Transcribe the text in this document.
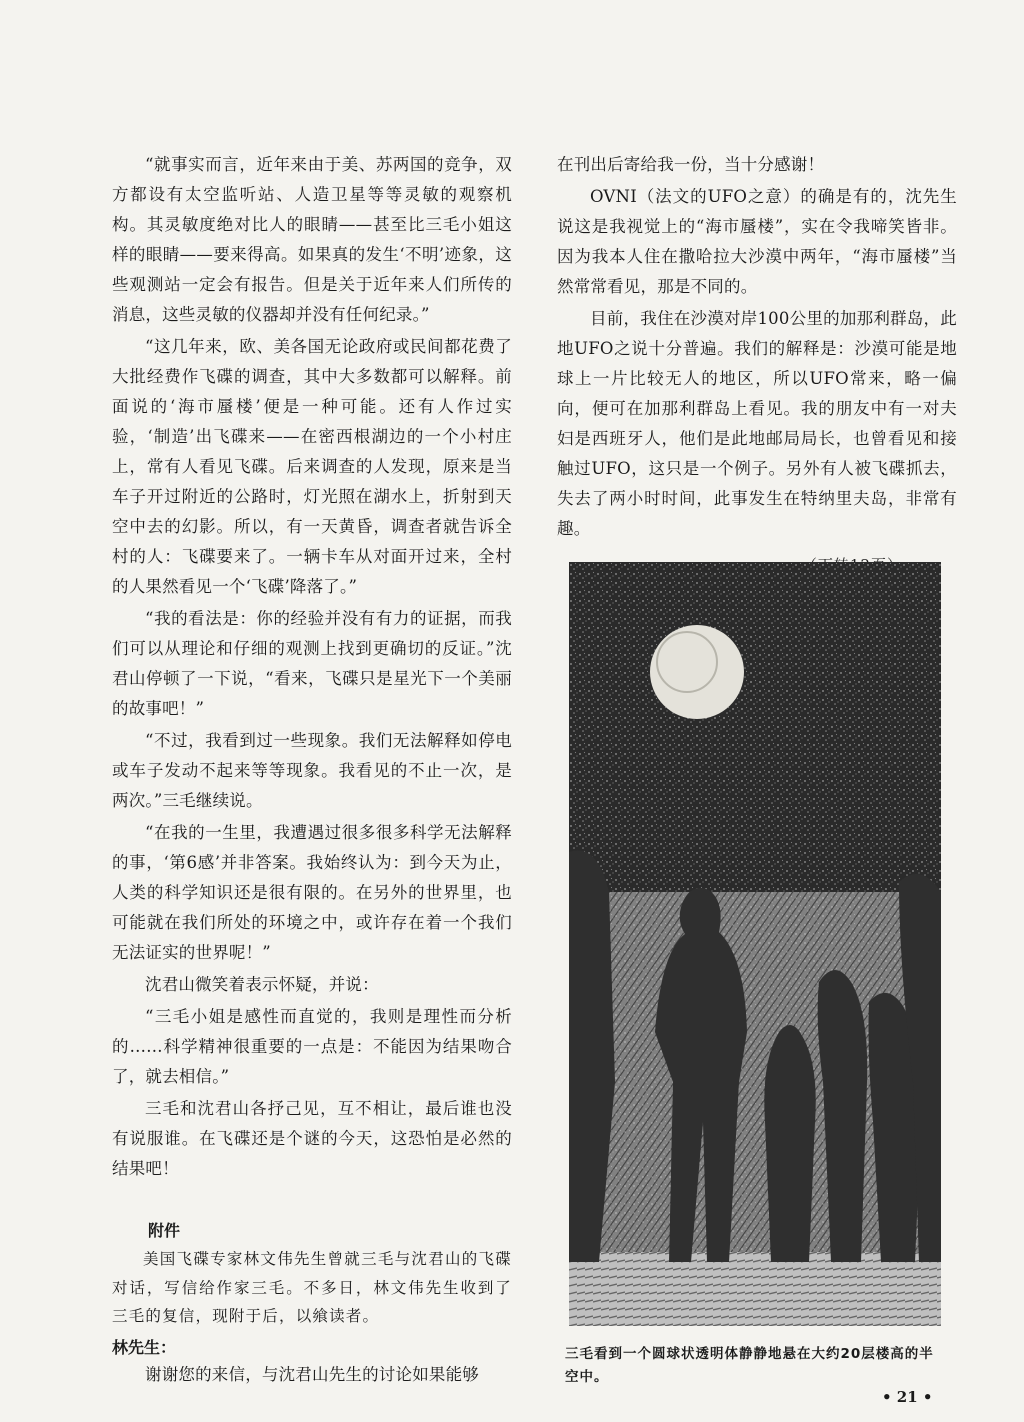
“就事实而言，近年来由于美、苏两国的竞争，双方都设有太空监听站、人造卫星等等灵敏的观察机构。其灵敏度绝对比人的眼睛——甚至比三毛小姐这样的眼睛——要来得高。如果真的发生‘不明’迹象，这些观测站一定会有报告。但是关于近年来人们所传的消息，这些灵敏的仪器却并没有任何纪录。”

“这几年来，欧、美各国无论政府或民间都花费了大批经费作飞碟的调查，其中大多数都可以解释。前面说的‘海市蜃楼’便是一种可能。还有人作过实验，‘制造’出飞碟来——在密西根湖边的一个小村庄上，常有人看见飞碟。后来调查的人发现，原来是当车子开过附近的公路时，灯光照在湖水上，折射到天空中去的幻影。所以，有一天黄昏，调查者就告诉全村的人：飞碟要来了。一辆卡车从对面开过来，全村的人果然看见一个‘飞碟’降落了。”

“我的看法是：你的经验并没有有力的证据，而我们可以从理论和仔细的观测上找到更确切的反证。”沈君山停顿了一下说，“看来，飞碟只是星光下一个美丽的故事吧！”

“不过，我看到过一些现象。我们无法解释如停电或车子发动不起来等等现象。我看见的不止一次，是两次。”三毛继续说。

“在我的一生里，我遭遇过很多很多科学无法解释的事，‘第6感’并非答案。我始终认为：到今天为止，人类的科学知识还是很有限的。在另外的世界里，也可能就在我们所处的环境之中，或许存在着一个我们无法证实的世界呢！”

沈君山微笑着表示怀疑，并说：

“三毛小姐是感性而直觉的，我则是理性而分析的……科学精神很重要的一点是：不能因为结果吻合了，就去相信。”

三毛和沈君山各抒己见，互不相让，最后谁也没有说服谁。在飞碟还是个谜的今天，这恐怕是必然的结果吧！

附件

美国飞碟专家林文伟先生曾就三毛与沈君山的飞碟对话，写信给作家三毛。不多日，林文伟先生收到了三毛的复信，现附于后，以飨读者。

林先生：

谢谢您的来信，与沈君山先生的讨论如果能够

在刊出后寄给我一份，当十分感谢！

OVNI（法文的UFO之意）的确是有的，沈先生说这是我视觉上的“海市蜃楼”，实在令我啼笑皆非。因为我本人住在撒哈拉大沙漠中两年，“海市蜃楼”当然常常看见，那是不同的。

目前，我住在沙漠对岸100公里的加那利群岛，此地UFO之说十分普遍。我们的解释是：沙漠可能是地球上一片比较无人的地区，所以UFO常来，略一偏向，便可在加那利群岛上看见。我的朋友中有一对夫妇是西班牙人，他们是此地邮局局长，也曾看见和接触过UFO，这只是一个例子。另外有人被飞碟抓去，失去了两小时时间，此事发生在特纳里夫岛，非常有趣。

三毛看到一个圆球状透明体静静地悬在大约20层楼高的半空中。
• 21 •
